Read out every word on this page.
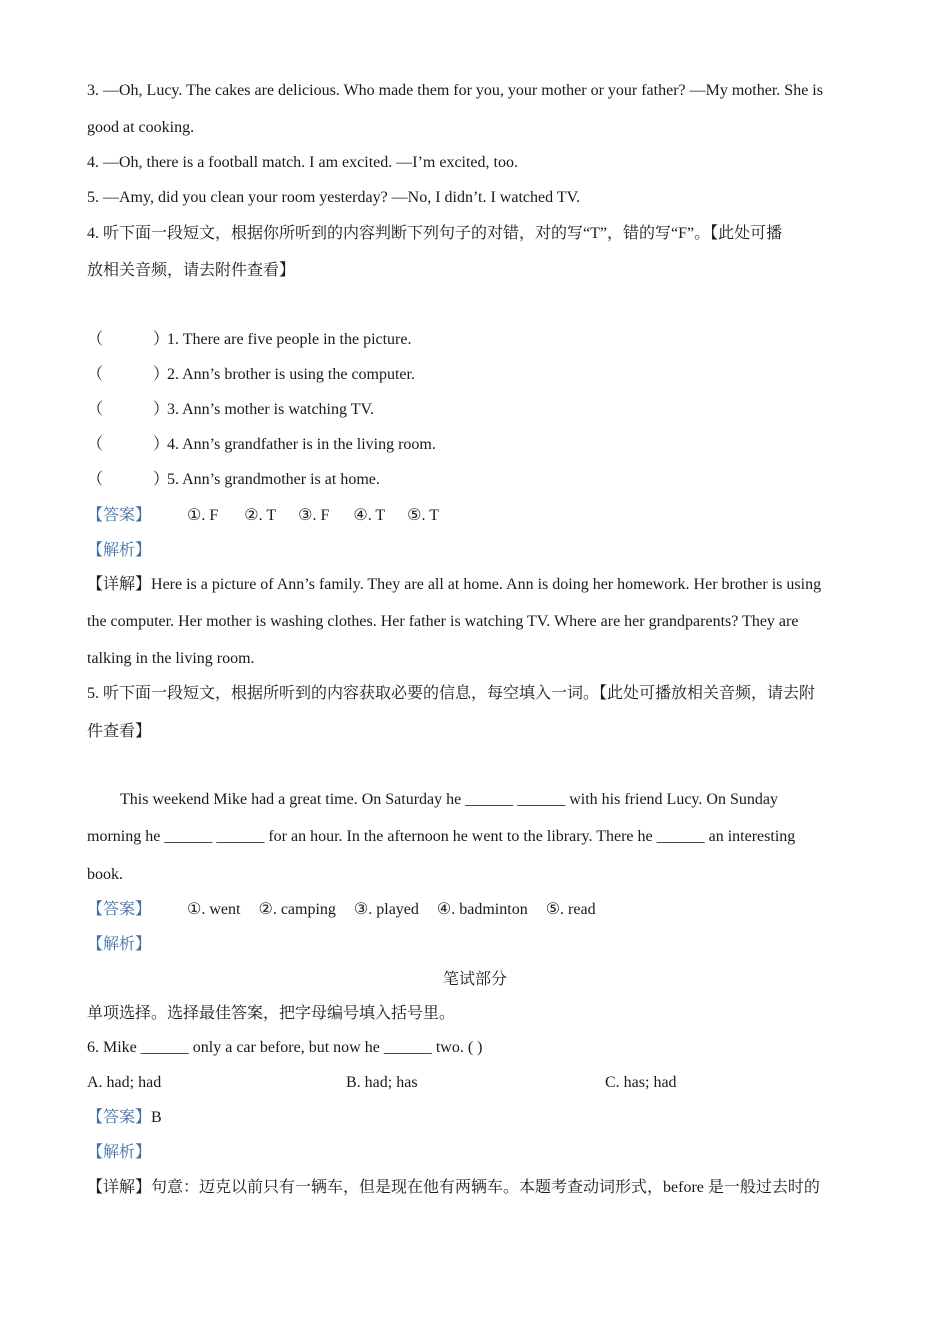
3. —Oh, Lucy. The cakes are delicious. Who made them for you, your mother or your father? —My mother. She is
good at cooking.
4. —Oh, there is a football match. I am excited. —I’m excited, too.
5. —Amy, did you clean your room yesterday? —No, I didn’t. I watched TV.
4. 听下面一段短文，根据你所听到的内容判断下列句子的对错，对的写“T”，错的写“F”。【此处可播
放相关音频，请去附件查看】
（	）1. There are five people in the picture.
（	）2. Ann’s brother is using the computer.
（	）3. Ann’s mother is watching TV.
（	）4. Ann’s grandfather is in the living room.
（	）5. Ann’s grandmother is at home.
【答案】 ①. F ②. T ③. F ④. T ⑤. T
【解析】
【详解】Here is a picture of Ann’s family. They are all at home. Ann is doing her homework. Her brother is using
the computer. Her mother is washing clothes. Her father is watching TV. Where are her grandparents? They are
talking in the living room.
5. 听下面一段短文，根据所听到的内容获取必要的信息，每空填入一词。【此处可播放相关音频，请去附
件查看】
This weekend Mike had a great time. On Saturday he ______ ______ with his friend Lucy. On Sunday
morning he ______ ______ for an hour. In the afternoon he went to the library. There he ______ an interesting
book.
【答案】 ①. went ②. camping ③. played ④. badminton ⑤. read
【解析】
笔试部分
单项选择。选择最佳答案，把字母编号填入括号里。
6. Mike ______ only a car before, but now he ______ two. ( )
A. had; had	B. had; has	C. has; had
【答案】B
【解析】
【详解】句意：迈克以前只有一辆车，但是现在他有两辆车。本题考查动词形式，before 是一般过去时的
